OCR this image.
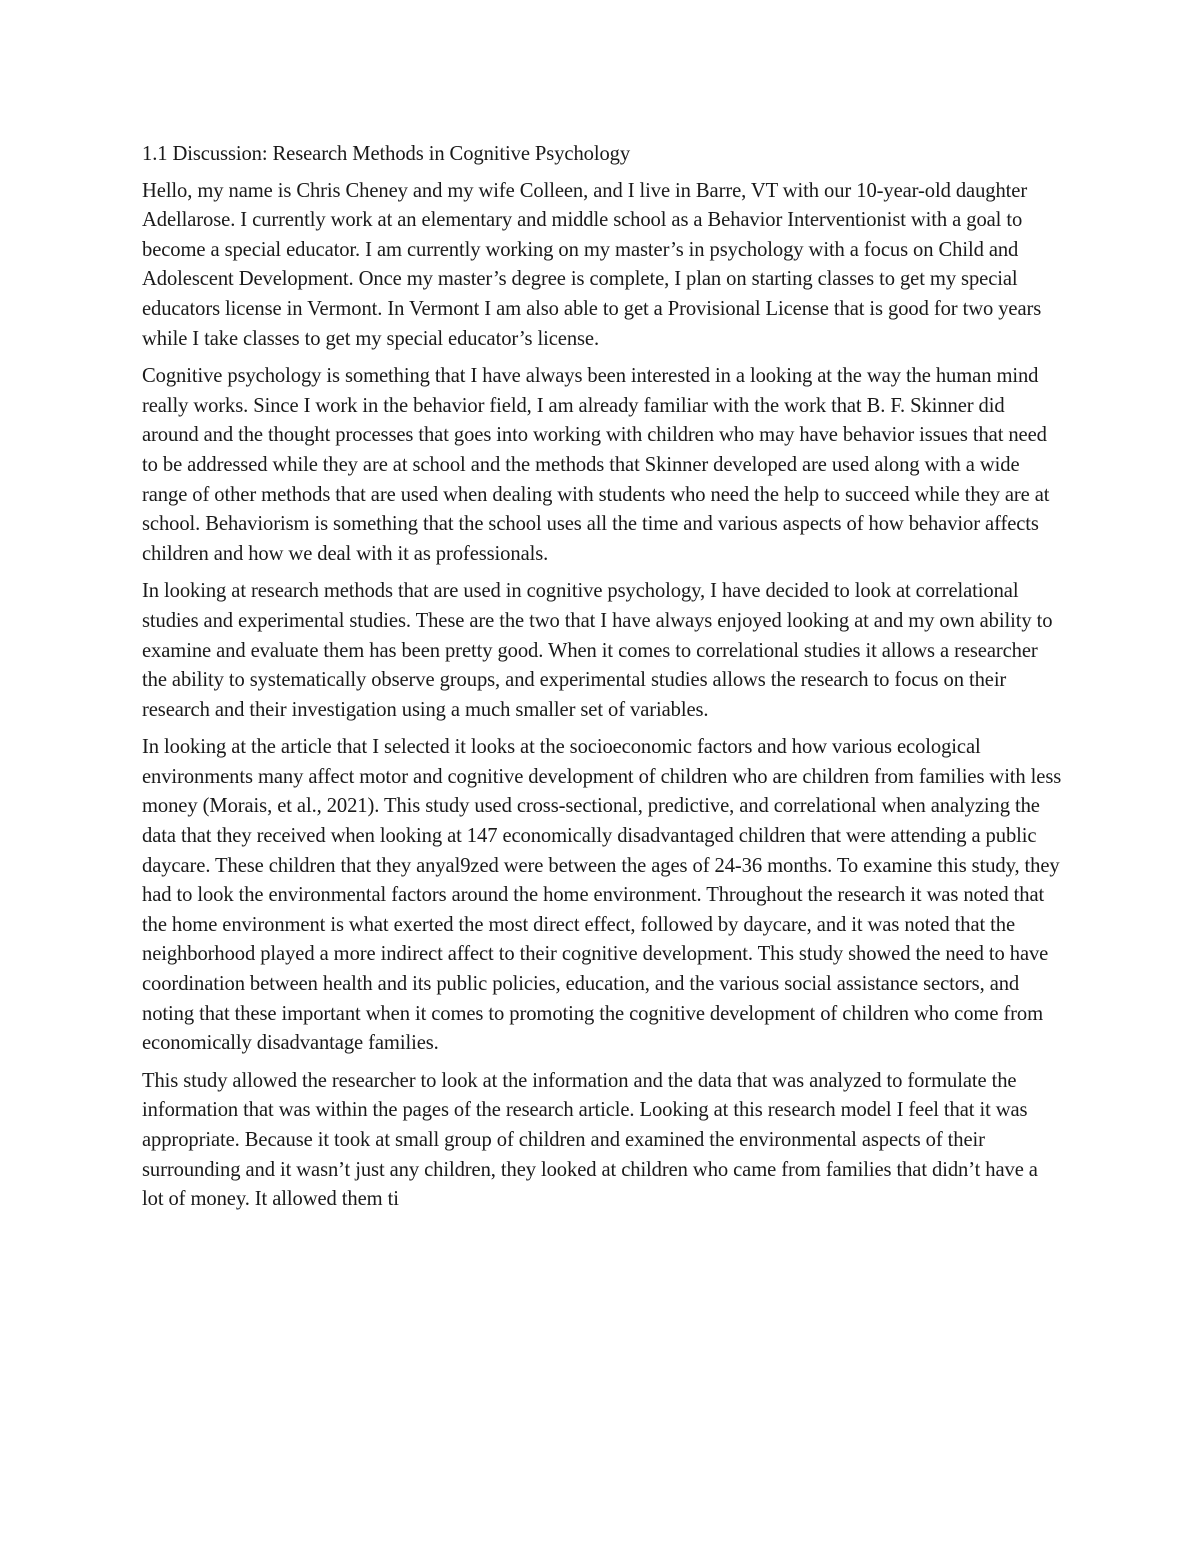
1.1 Discussion: Research Methods in Cognitive Psychology

Hello, my name is Chris Cheney and my wife Colleen, and I live in Barre, VT with our 10-year-old daughter Adellarose. I currently work at an elementary and middle school as a Behavior Interventionist with a goal to become a special educator. I am currently working on my master’s in psychology with a focus on Child and Adolescent Development. Once my master’s degree is complete, I plan on starting classes to get my special educators license in Vermont. In Vermont I am also able to get a Provisional License that is good for two years while I take classes to get my special educator’s license.

Cognitive psychology is something that I have always been interested in a looking at the way the human mind really works. Since I work in the behavior field, I am already familiar with the work that B. F. Skinner did around and the thought processes that goes into working with children who may have behavior issues that need to be addressed while they are at school and the methods that Skinner developed are used along with a wide range of other methods that are used when dealing with students who need the help to succeed while they are at school. Behaviorism is something that the school uses all the time and various aspects of how behavior affects children and how we deal with it as professionals.

In looking at research methods that are used in cognitive psychology, I have decided to look at correlational studies and experimental studies. These are the two that I have always enjoyed looking at and my own ability to examine and evaluate them has been pretty good. When it comes to correlational studies it allows a researcher the ability to systematically observe groups, and experimental studies allows the research to focus on their research and their investigation using a much smaller set of variables.

In looking at the article that I selected it looks at the socioeconomic factors and how various ecological environments many affect motor and cognitive development of children who are children from families with less money (Morais, et al., 2021). This study used cross-sectional, predictive, and correlational when analyzing the data that they received when looking at 147 economically disadvantaged children that were attending a public daycare. These children that they anyal9zed were between the ages of 24-36 months. To examine this study, they had to look the environmental factors around the home environment. Throughout the research it was noted that the home environment is what exerted the most direct effect, followed by daycare, and it was noted that the neighborhood played a more indirect affect to their cognitive development. This study showed the need to have coordination between health and its public policies, education, and the various social assistance sectors, and noting that these important when it comes to promoting the cognitive development of children who come from economically disadvantage families.

This study allowed the researcher to look at the information and the data that was analyzed to formulate the information that was within the pages of the research article. Looking at this research model I feel that it was appropriate. Because it took at small group of children and examined the environmental aspects of their surrounding and it wasn’t just any children, they looked at children who came from families that didn’t have a lot of money. It allowed them ti
